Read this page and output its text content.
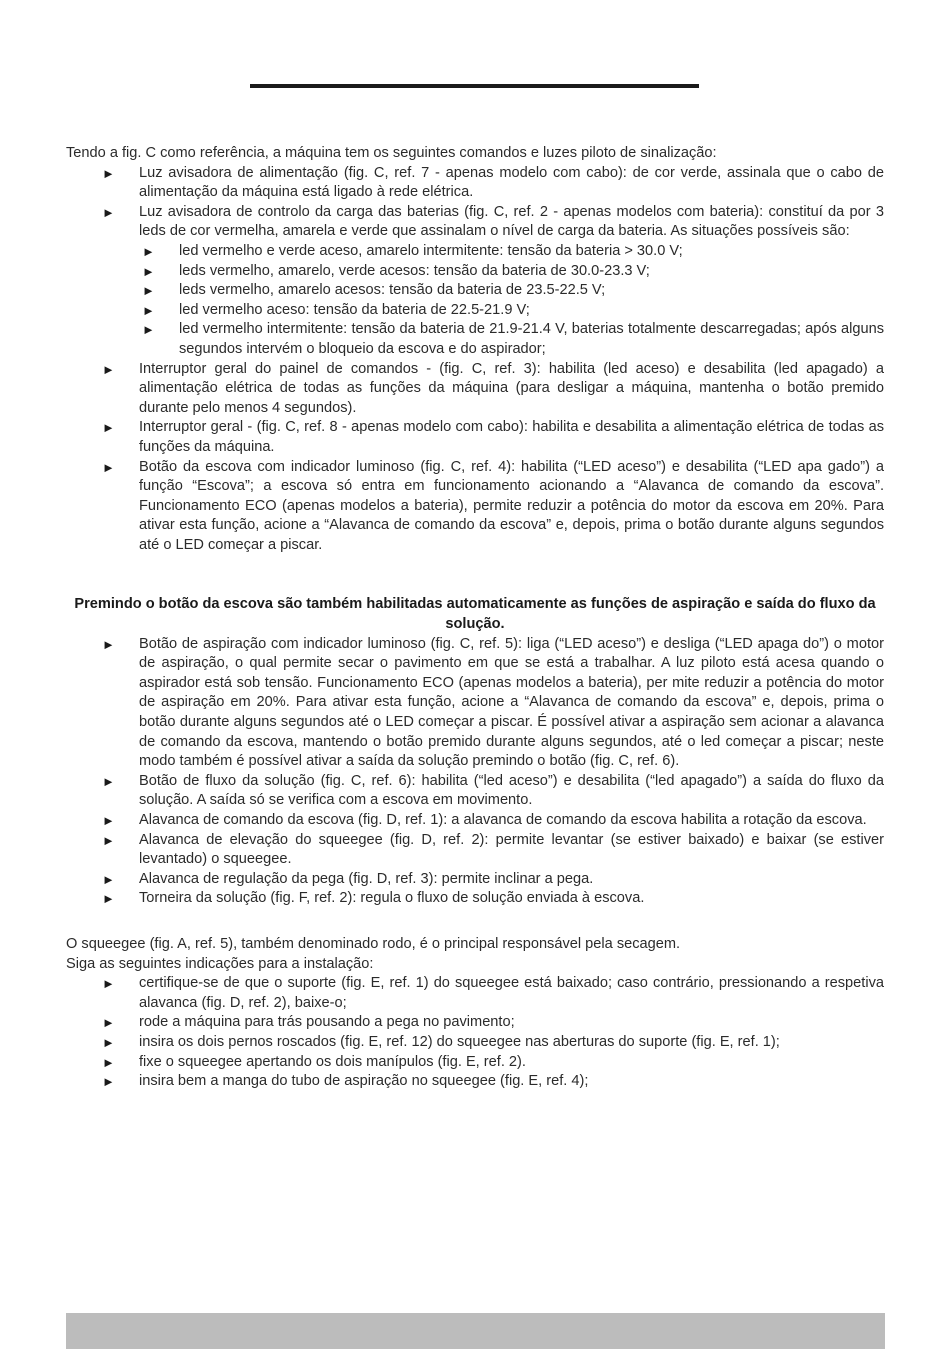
Tendo a fig. C como referência, a máquina tem os seguintes comandos e luzes piloto de sinalização:

► Luz avisadora de alimentação (fig. C, ref. 7 - apenas modelo com cabo): de cor verde, assinala que o cabo de alimentação da máquina está ligado à rede elétrica.
► Luz avisadora de controlo da carga das baterias (fig. C, ref. 2 - apenas modelos com bateria): constituí da por 3 leds de cor vermelha, amarela e verde que assinalam o nível de carga da bateria. As situações possíveis são:
► led vermelho e verde aceso, amarelo intermitente: tensão da bateria > 30.0 V;
► leds vermelho, amarelo, verde acesos: tensão da bateria de 30.0-23.3 V;
► leds vermelho, amarelo acesos: tensão da bateria de 23.5-22.5 V;
► led vermelho aceso: tensão da bateria de 22.5-21.9 V;
► led vermelho intermitente: tensão da bateria de 21.9-21.4 V, baterias totalmente descarregadas; após alguns segundos intervém o bloqueio da escova e do aspirador;
► Interruptor geral do painel de comandos - (fig. C, ref. 3): habilita (led aceso) e desabilita (led apagado) a alimentação elétrica de todas as funções da máquina (para desligar a máquina, mantenha o botão premido durante pelo menos 4 segundos).
► Interruptor geral - (fig. C, ref. 8 - apenas modelo com cabo): habilita e desabilita a alimentação elétrica de todas as funções da máquina.
► Botão da escova com indicador luminoso (fig. C, ref. 4): habilita (“LED aceso”) e desabilita (“LED apa gado”) a função “Escova”; a escova só entra em funcionamento acionando a “Alavanca de comando da escova”. Funcionamento ECO (apenas modelos a bateria), permite reduzir a potência do motor da escova em 20%. Para ativar esta função, acione a “Alavanca de comando da escova” e, depois, prima o botão durante alguns segundos até o LED começar a piscar.

Premindo o botão da escova são também habilitadas automaticamente as funções de aspiração e saída do fluxo da solução.

► Botão de aspiração com indicador luminoso (fig. C, ref. 5): liga (“LED aceso”) e desliga (“LED apaga do”) o motor de aspiração, o qual permite secar o pavimento em que se está a trabalhar. A luz piloto está acesa quando o aspirador está sob tensão. Funcionamento ECO (apenas modelos a bateria), per mite reduzir a potência do motor de aspiração em 20%. Para ativar esta função, acione a “Alavanca de comando da escova” e, depois, prima o botão durante alguns segundos até o LED começar a piscar. É possível ativar a aspiração sem acionar a alavanca de comando da escova, mantendo o botão premido durante alguns segundos, até o led começar a piscar; neste modo também é possível ativar a saída da solução premindo o botão (fig. C, ref. 6).
► Botão de fluxo da solução (fig. C, ref. 6): habilita (“led aceso”) e desabilita (“led apagado”) a saída do fluxo da solução. A saída só se verifica com a escova em movimento.
► Alavanca de comando da escova (fig. D, ref. 1): a alavanca de comando da escova habilita a rotação da escova.
► Alavanca de elevação do squeegee (fig. D, ref. 2): permite levantar (se estiver baixado) e baixar (se estiver levantado) o squeegee.
► Alavanca de regulação da pega (fig. D, ref. 3): permite inclinar a pega.
► Torneira da solução (fig. F, ref. 2): regula o fluxo de solução enviada à escova.

O squeegee (fig. A, ref. 5), também denominado rodo, é o principal responsável pela secagem.

Siga as seguintes indicações para a instalação:

► certifique-se de que o suporte (fig. E, ref. 1) do squeegee está baixado; caso contrário, pressionando a respetiva alavanca (fig. D, ref. 2), baixe-o;
► rode a máquina para trás pousando a pega no pavimento;
► insira os dois pernos roscados (fig. E, ref. 12) do squeegee nas aberturas do suporte (fig. E, ref. 1);
► fixe o squeegee apertando os dois manípulos (fig. E, ref. 2).
► insira bem a manga do tubo de aspiração no squeegee (fig. E, ref. 4);
